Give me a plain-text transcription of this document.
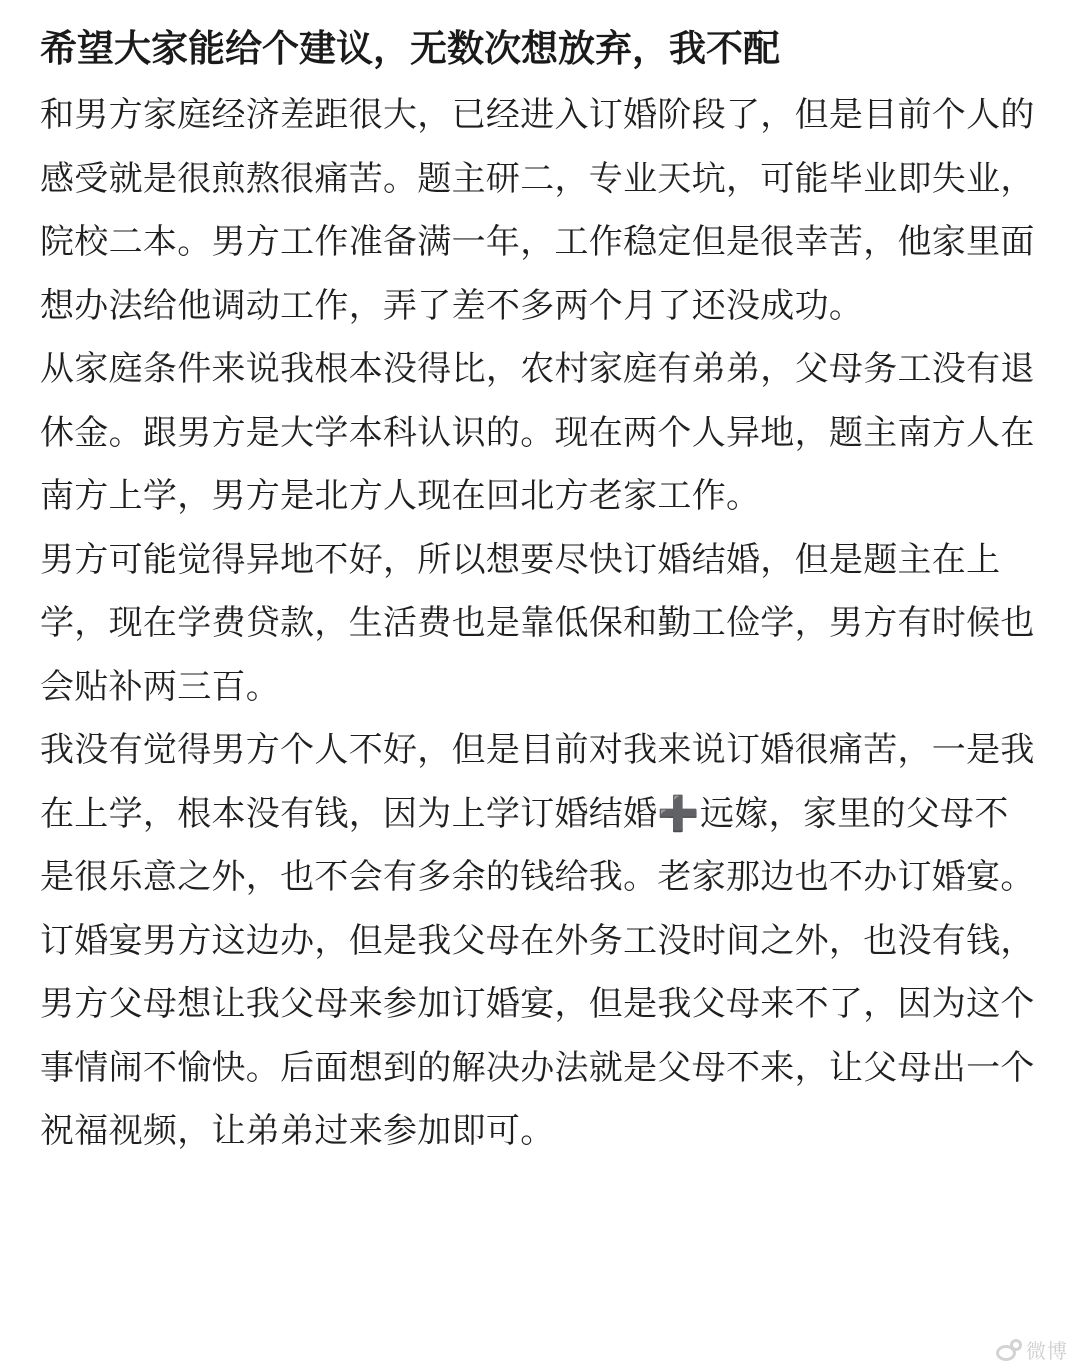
希望大家能给个建议，无数次想放弃，我不配

和男方家庭经济差距很大，已经进入订婚阶段了，但是目前个人的感受就是很煎熬很痛苦。题主研二，专业天坑，可能毕业即失业，院校二本。男方工作准备满一年，工作稳定但是很幸苦，他家里面想办法给他调动工作，弄了差不多两个月了还没成功。

从家庭条件来说我根本没得比，农村家庭有弟弟，父母务工没有退休金。跟男方是大学本科认识的。现在两个人异地，题主南方人在南方上学，男方是北方人现在回北方老家工作。

男方可能觉得异地不好，所以想要尽快订婚结婚，但是题主在上学，现在学费贷款，生活费也是靠低保和勤工俭学，男方有时候也会贴补两三百。

我没有觉得男方个人不好，但是目前对我来说订婚很痛苦，一是我在上学，根本没有钱，因为上学订婚结婚➕远嫁，家里的父母不是很乐意之外，也不会有多余的钱给我。老家那边也不办订婚宴。订婚宴男方这边办，但是我父母在外务工没时间之外，也没有钱，男方父母想让我父母来参加订婚宴，但是我父母来不了，因为这个事情闹不愉快。后面想到的解决办法就是父母不来，让父母出一个祝福视频，让弟弟过来参加即可。

微博
